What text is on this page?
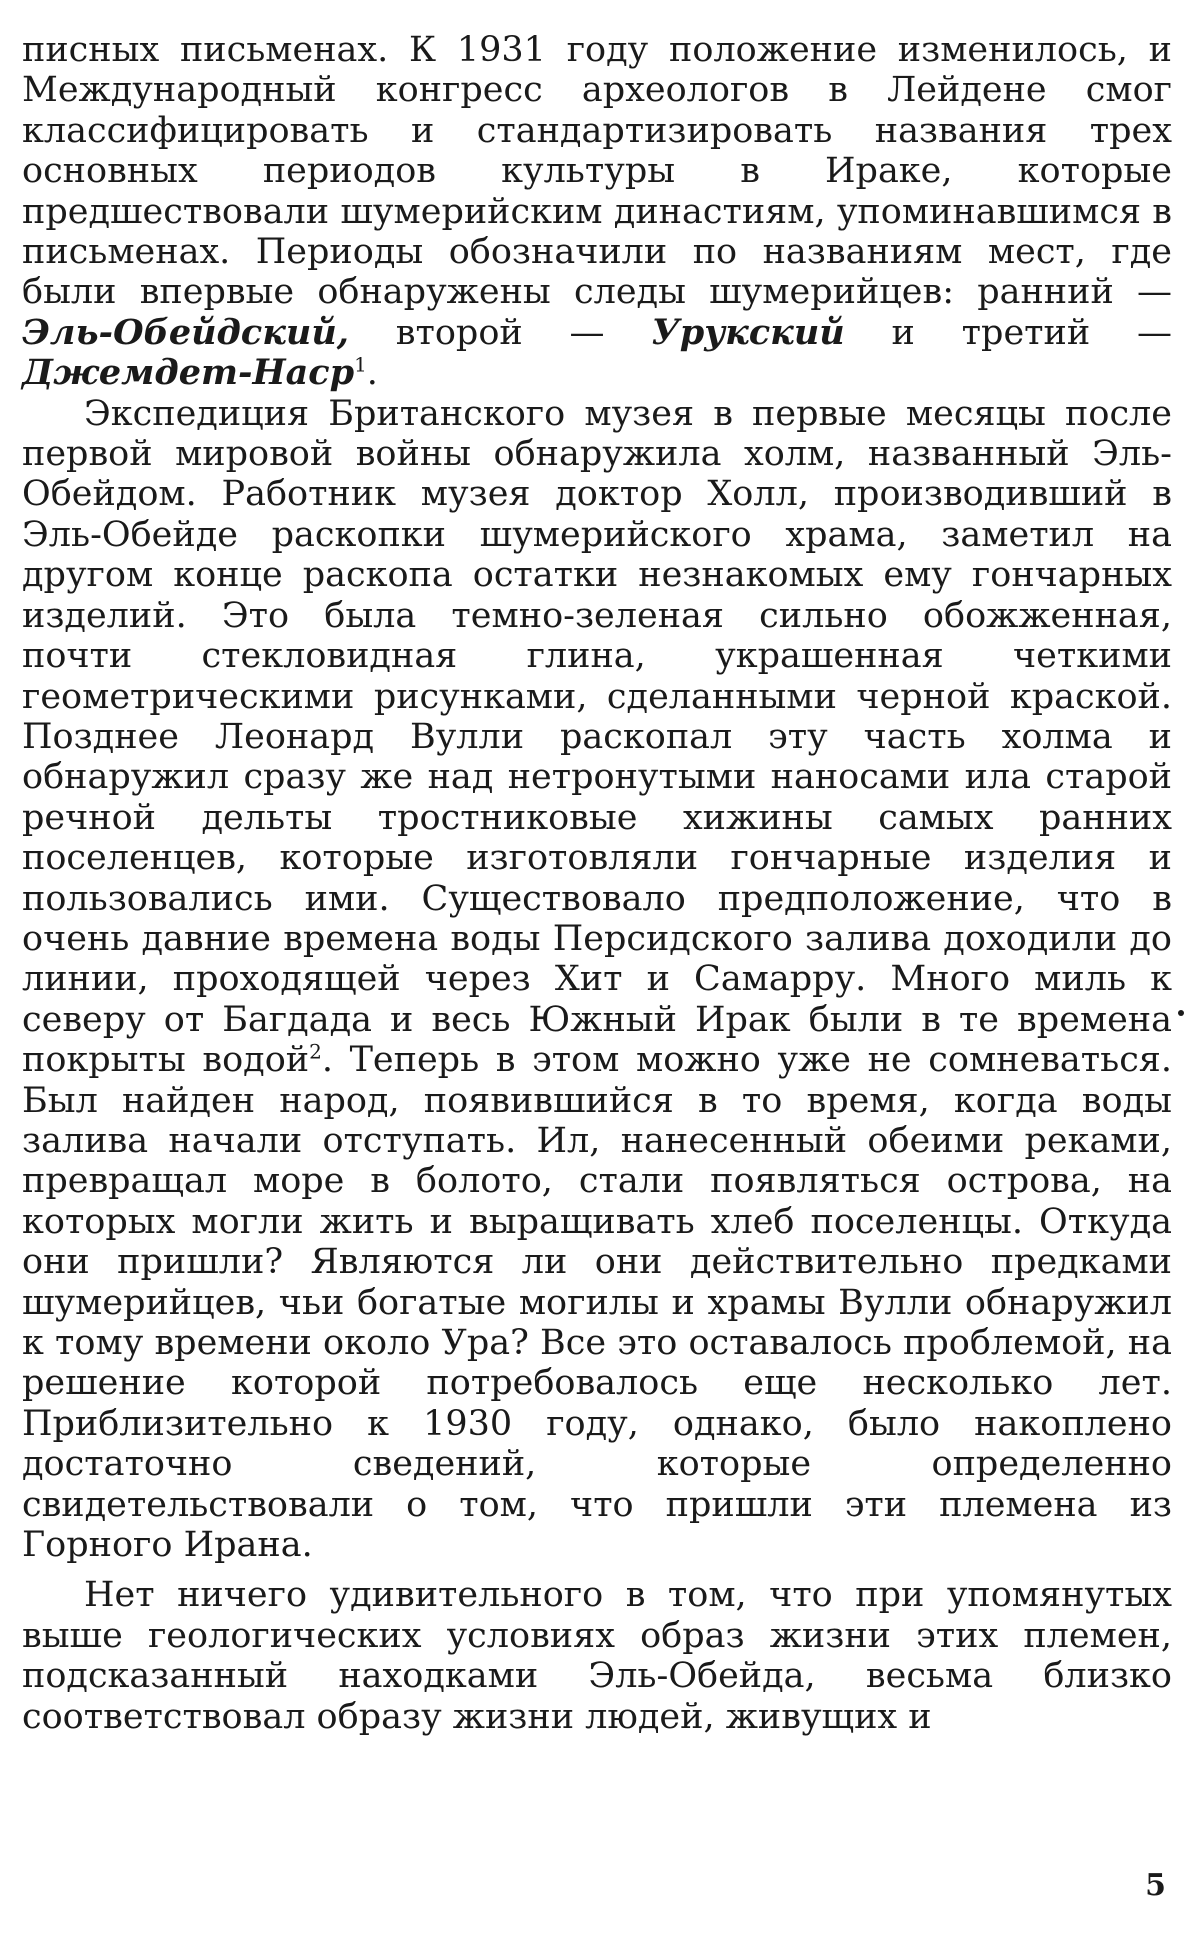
писных письменах. К 1931 году положение изменилось, и Международный конгресс археологов в Лейдене смог классифицировать и стандартизировать названия трех основных периодов культуры в Ираке, которые предшествовали шумерийским династиям, упоминавшимся в письменах. Периоды обозначили по названиям мест, где были впервые обнаружены следы шумерийцев: ранний — Эль-Обейдский, второй — Урукский и третий — Джемдет-Наср$^1$.

Экспедиция Британского музея в первые месяцы после первой мировой войны обнаружила холм, названный Эль-Обейдом. Работник музея доктор Холл, производивший в Эль-Обейде раскопки шумерийского храма, заметил на другом конце раскопа остатки незнакомых ему гончарных изделий. Это была темно-зеленая сильно обожженная, почти стекловидная глина, украшенная четкими геометрическими рисунками, сделанными черной краской. Позднее Леонард Вулли раскопал эту часть холма и обнаружил сразу же над нетронутыми наносами ила старой речной дельты тростниковые хижины самых ранних поселенцев, которые изготовляли гончарные изделия и пользовались ими. Существовало предположение, что в очень давние времена воды Персидского залива доходили до линии, проходящей через Хит и Самарру. Много миль к северу от Багдада и весь Южный Ирак были в те времена покрыты водой$^2$. Теперь в этом можно уже не сомневаться. Был найден народ, появившийся в то время, когда воды залива начали отступать. Ил, нанесенный обеими реками, превращал море в болото, стали появляться острова, на которых могли жить и выращивать хлеб поселенцы. Откуда они пришли? Являются ли они действительно предками шумерийцев, чьи богатые могилы и храмы Вулли обнаружил к тому времени около Ура? Все это оставалось проблемой, на решение которой потребовалось еще несколько лет. Приблизительно к 1930 году, однако, было накоплено достаточно сведений, которые определенно свидетельствовали о том, что пришли эти племена из Горного Ирана.

Нет ничего удивительного в том, что при упомянутых выше геологических условиях образ жизни этих племен, подсказанный находками Эль-Обейда, весьма близко соответствовал образу жизни людей, живущих и

5
